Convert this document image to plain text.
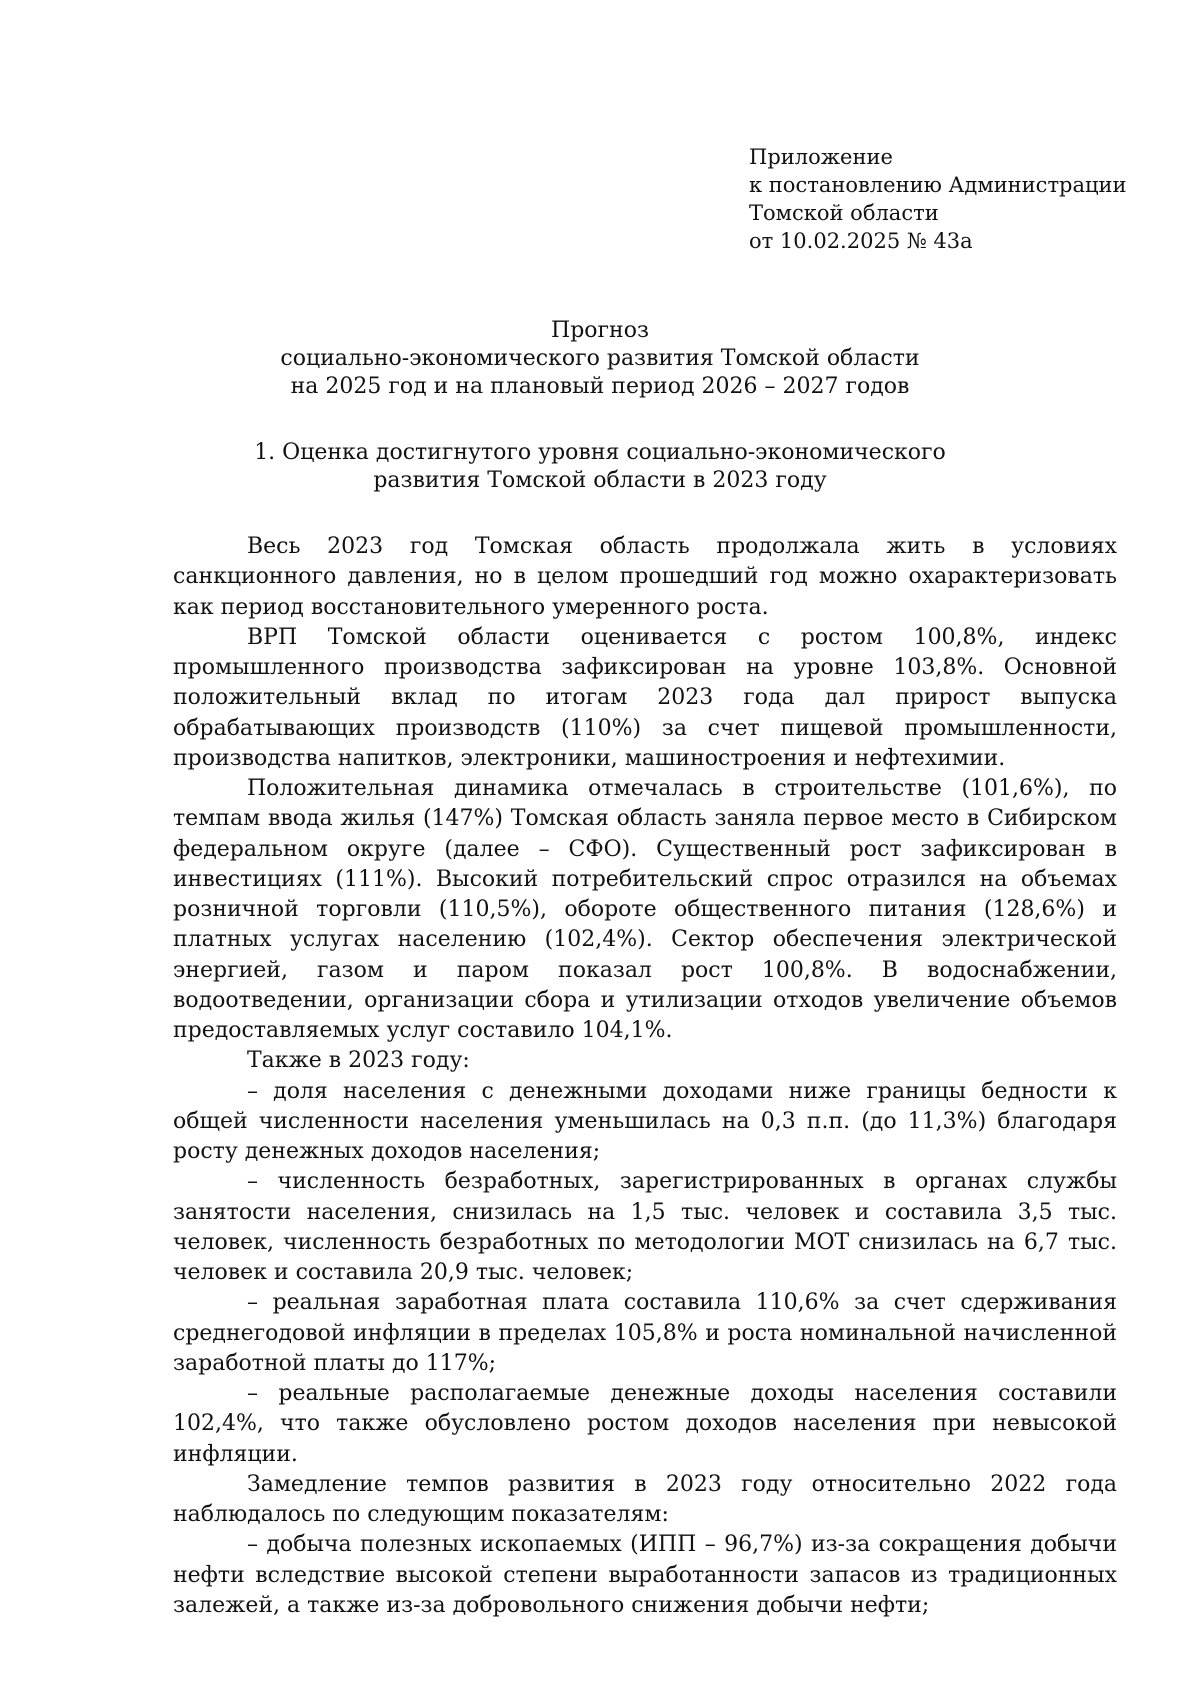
Приложение
к постановлению Администрации
Томской области
от 10.02.2025 № 43а
Прогноз
социально-экономического развития Томской области
на 2025 год и на плановый период 2026 – 2027 годов
1. Оценка достигнутого уровня социально-экономического
развития Томской области в 2023 году

Весь 2023 год Томская область продолжала жить в условиях санкционного давления, но в целом прошедший год можно охарактеризовать как период восстановительного умеренного роста.

ВРП Томской области оценивается с ростом 100,8%, индекс промышленного производства зафиксирован на уровне 103,8%. Основной положительный вклад по итогам 2023 года дал прирост выпуска обрабатывающих производств (110%) за счет пищевой промышленности, производства напитков, электроники, машиностроения и нефтехимии.

Положительная динамика отмечалась в строительстве (101,6%), по темпам ввода жилья (147%) Томская область заняла первое место в Сибирском федеральном округе (далее – СФО). Существенный рост зафиксирован в инвестициях (111%). Высокий потребительский спрос отразился на объемах розничной торговли (110,5%), обороте общественного питания (128,6%) и платных услугах населению (102,4%). Сектор обеспечения электрической энергией, газом и паром показал рост 100,8%. В водоснабжении, водоотведении, организации сбора и утилизации отходов увеличение объемов предоставляемых услуг составило 104,1%.

Также в 2023 году:

– доля населения с денежными доходами ниже границы бедности к общей численности населения уменьшилась на 0,3 п.п. (до 11,3%) благодаря росту денежных доходов населения;

– численность безработных, зарегистрированных в органах службы занятости населения, снизилась на 1,5 тыс. человек и составила 3,5 тыс. человек, численность безработных по методологии МОТ снизилась на 6,7 тыс. человек и составила 20,9 тыс. человек;

– реальная заработная плата составила 110,6% за счет сдерживания среднегодовой инфляции в пределах 105,8% и роста номинальной начисленной заработной платы до 117%;

– реальные располагаемые денежные доходы населения составили 102,4%, что также обусловлено ростом доходов населения при невысокой инфляции.

Замедление темпов развития в 2023 году относительно 2022 года наблюдалось по следующим показателям:

– добыча полезных ископаемых (ИПП – 96,7%) из-за сокращения добычи нефти вследствие высокой степени выработанности запасов из традиционных залежей, а также из-за добровольного снижения добычи нефти;
